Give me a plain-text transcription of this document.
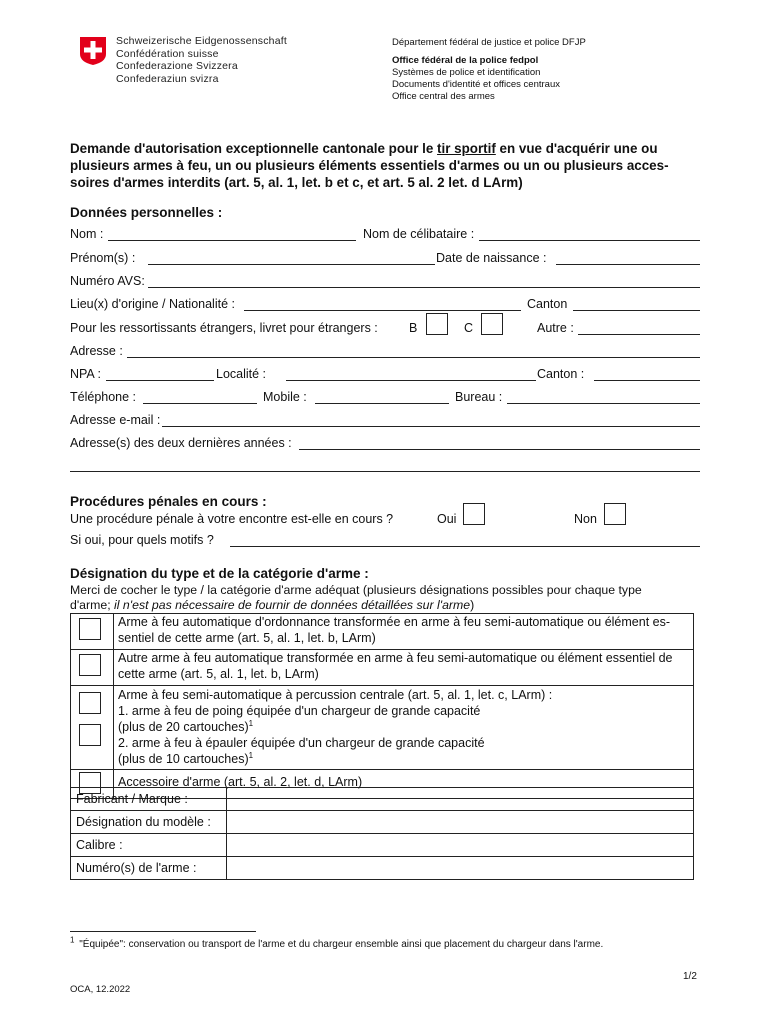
Schweizerische Eidgenossenschaft
Confédération suisse
Confederazione Svizzera
Confederaziun svizra
Département fédéral de justice et police DFJP
Office fédéral de la police fedpol
Systèmes de police et identification
Documents d'identité et offices centraux
Office central des armes
Demande d'autorisation exceptionnelle cantonale pour le tir sportif en vue d'acquérir une ou
plusieurs armes à feu, un ou plusieurs éléments essentiels d'armes ou un ou plusieurs acces-
soires d'armes interdits (art. 5, al. 1, let. b et c, et art. 5 al. 2 let. d LArm)
Données personnelles :
Nom :	Nom de célibataire :
Prénom(s) :	Date de naissance :
Numéro AVS:
Lieu(x) d'origine / Nationalité :	Canton
Pour les ressortissants étrangers, livret pour étrangers : B	C	Autre :
Adresse :
NPA :	Localité :	Canton :
Téléphone :	Mobile :	Bureau :
Adresse e-mail :
Adresse(s) des deux dernières années :
Procédures pénales en cours :
Une procédure pénale à votre encontre est-elle en cours ?	Oui	Non
Si oui, pour quels motifs ?
Désignation du type et de la catégorie d'arme :
Merci de cocher le type / la catégorie d'arme adéquat (plusieurs désignations possibles pour chaque type
d'arme; il n'est pas nécessaire de fournir de données détaillées sur l'arme)

	Arme à feu automatique d'ordonnance transformée en arme à feu semi-automatique ou élément es-
sentiel de cette arme (art. 5, al. 1, let. b, LArm)

	Autre arme à feu automatique transformée en arme à feu semi-automatique ou élément essentiel de
cette arme (art. 5, al. 1, let. b, LArm)

	Arme à feu semi-automatique à percussion centrale (art. 5, al. 1, let. c, LArm) :
1. arme à feu de poing équipée d'un chargeur de grande capacité
(plus de 20 cartouches)$^1$
2. arme à feu à épauler équipée d'un chargeur de grande capacité
(plus de 10 cartouches)$^1$

	Accessoire d'arme (art. 5, al. 2, let. d, LArm)
Fabricant / Marque :	
Désignation du modèle :	
Calibre :	
Numéro(s) de l'arme :	
$^1$ "Équipée": conservation ou transport de l'arme et du chargeur ensemble ainsi que placement du chargeur dans l'arme.
1/2
OCA, 12.2022
